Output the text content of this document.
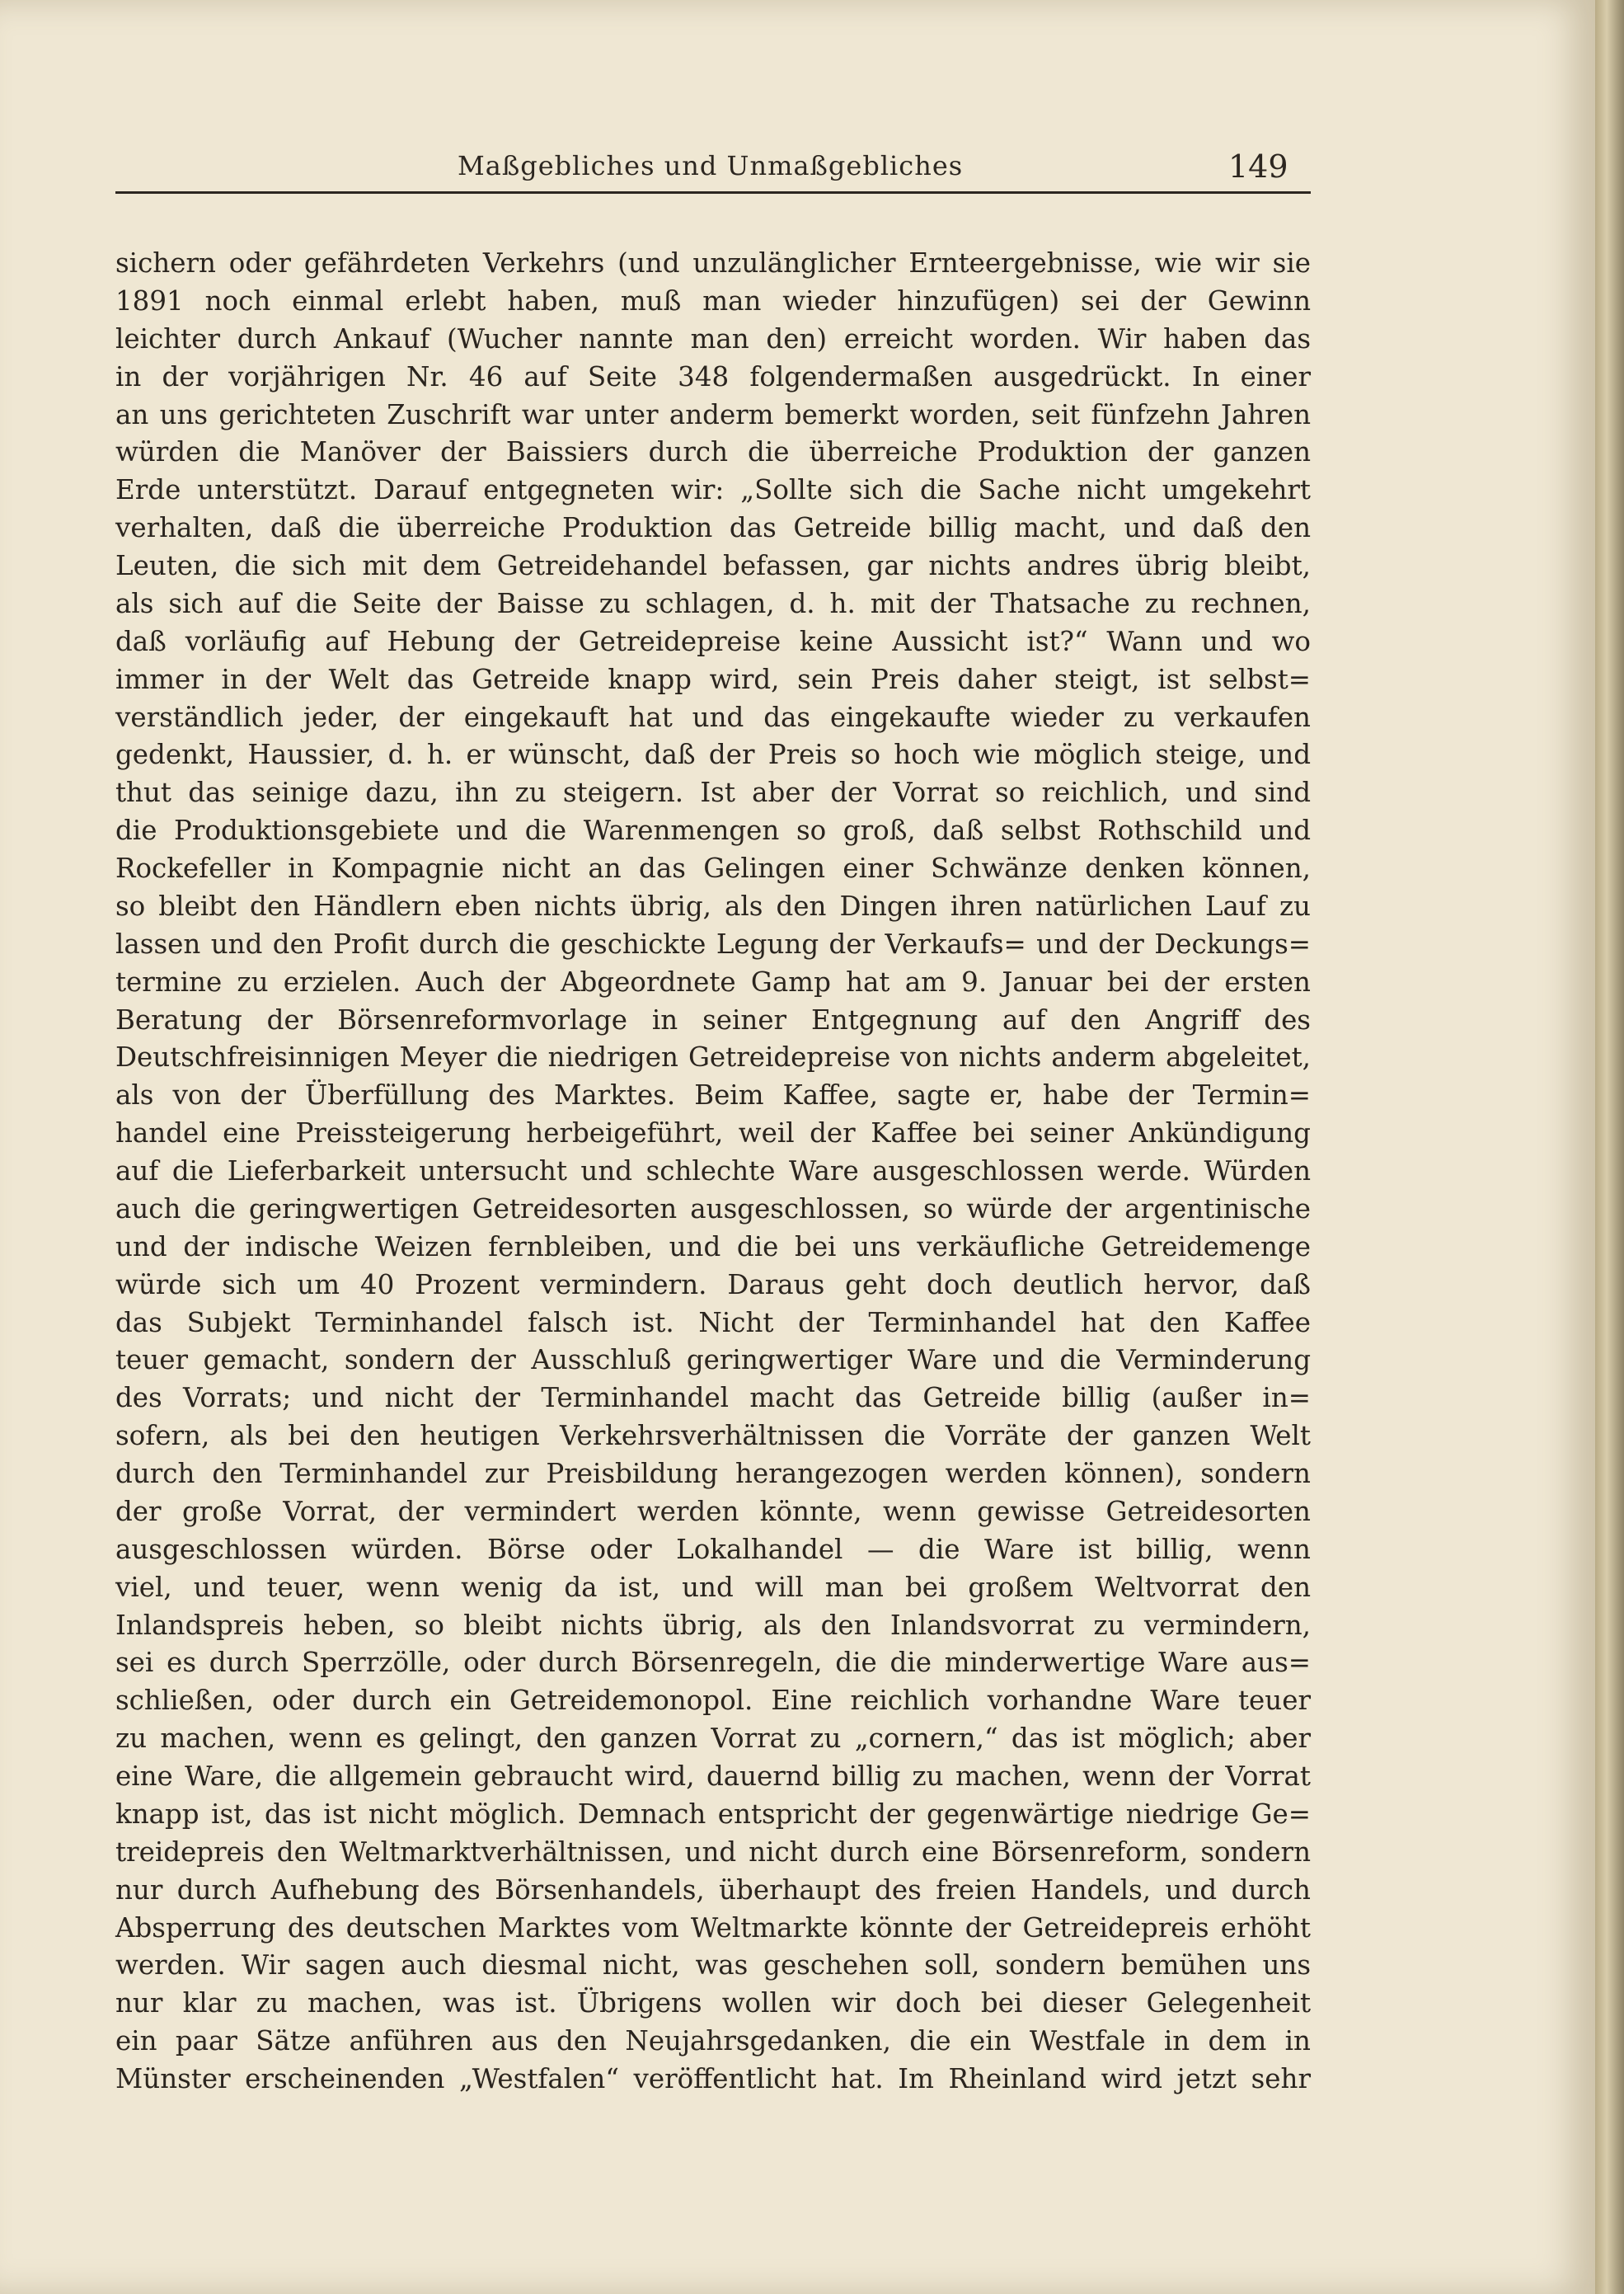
Maßgebliches und Unmaßgebliches	149
sichern oder gefährdeten Verkehrs (und unzulänglicher Ernteergebnisse, wie wir sie
1891 noch einmal erlebt haben, muß man wieder hinzufügen) sei der Gewinn
leichter durch Ankauf (Wucher nannte man den) erreicht worden. Wir haben das
in der vorjährigen Nr. 46 auf Seite 348 folgendermaßen ausgedrückt. In einer
an uns gerichteten Zuschrift war unter anderm bemerkt worden, seit fünfzehn Jahren
würden die Manöver der Baissiers durch die überreiche Produktion der ganzen
Erde unterstützt. Darauf entgegneten wir: „Sollte sich die Sache nicht umgekehrt
verhalten, daß die überreiche Produktion das Getreide billig macht, und daß den
Leuten, die sich mit dem Getreidehandel befassen, gar nichts andres übrig bleibt,
als sich auf die Seite der Baisse zu schlagen, d. h. mit der Thatsache zu rechnen,
daß vorläufig auf Hebung der Getreidepreise keine Aussicht ist?“ Wann und wo
immer in der Welt das Getreide knapp wird, sein Preis daher steigt, ist selbst=
verständlich jeder, der eingekauft hat und das eingekaufte wieder zu verkaufen
gedenkt, Haussier, d. h. er wünscht, daß der Preis so hoch wie möglich steige, und
thut das seinige dazu, ihn zu steigern. Ist aber der Vorrat so reichlich, und sind
die Produktionsgebiete und die Warenmengen so groß, daß selbst Rothschild und
Rockefeller in Kompagnie nicht an das Gelingen einer Schwänze denken können,
so bleibt den Händlern eben nichts übrig, als den Dingen ihren natürlichen Lauf zu
lassen und den Profit durch die geschickte Legung der Verkaufs= und der Deckungs=
termine zu erzielen. Auch der Abgeordnete Gamp hat am 9. Januar bei der ersten
Beratung der Börsenreformvorlage in seiner Entgegnung auf den Angriff des
Deutschfreisinnigen Meyer die niedrigen Getreidepreise von nichts anderm abgeleitet,
als von der Überfüllung des Marktes. Beim Kaffee, sagte er, habe der Termin=
handel eine Preissteigerung herbeigeführt, weil der Kaffee bei seiner Ankündigung
auf die Lieferbarkeit untersucht und schlechte Ware ausgeschlossen werde. Würden
auch die geringwertigen Getreidesorten ausgeschlossen, so würde der argentinische
und der indische Weizen fernbleiben, und die bei uns verkäufliche Getreidemenge
würde sich um 40 Prozent vermindern. Daraus geht doch deutlich hervor, daß
das Subjekt Terminhandel falsch ist. Nicht der Terminhandel hat den Kaffee
teuer gemacht, sondern der Ausschluß geringwertiger Ware und die Verminderung
des Vorrats; und nicht der Terminhandel macht das Getreide billig (außer in=
sofern, als bei den heutigen Verkehrsverhältnissen die Vorräte der ganzen Welt
durch den Terminhandel zur Preisbildung herangezogen werden können), sondern
der große Vorrat, der vermindert werden könnte, wenn gewisse Getreidesorten
ausgeschlossen würden. Börse oder Lokalhandel — die Ware ist billig, wenn
viel, und teuer, wenn wenig da ist, und will man bei großem Weltvorrat den
Inlandspreis heben, so bleibt nichts übrig, als den Inlandsvorrat zu vermindern,
sei es durch Sperrzölle, oder durch Börsenregeln, die die minderwertige Ware aus=
schließen, oder durch ein Getreidemonopol. Eine reichlich vorhandne Ware teuer
zu machen, wenn es gelingt, den ganzen Vorrat zu „cornern,“ das ist möglich; aber
eine Ware, die allgemein gebraucht wird, dauernd billig zu machen, wenn der Vorrat
knapp ist, das ist nicht möglich. Demnach entspricht der gegenwärtige niedrige Ge=
treidepreis den Weltmarktverhältnissen, und nicht durch eine Börsenreform, sondern
nur durch Aufhebung des Börsenhandels, überhaupt des freien Handels, und durch
Absperrung des deutschen Marktes vom Weltmarkte könnte der Getreidepreis erhöht
werden. Wir sagen auch diesmal nicht, was geschehen soll, sondern bemühen uns
nur klar zu machen, was ist. Übrigens wollen wir doch bei dieser Gelegenheit
ein paar Sätze anführen aus den Neujahrsgedanken, die ein Westfale in dem in
Münster erscheinenden „Westfalen“ veröffentlicht hat. Im Rheinland wird jetzt sehr
